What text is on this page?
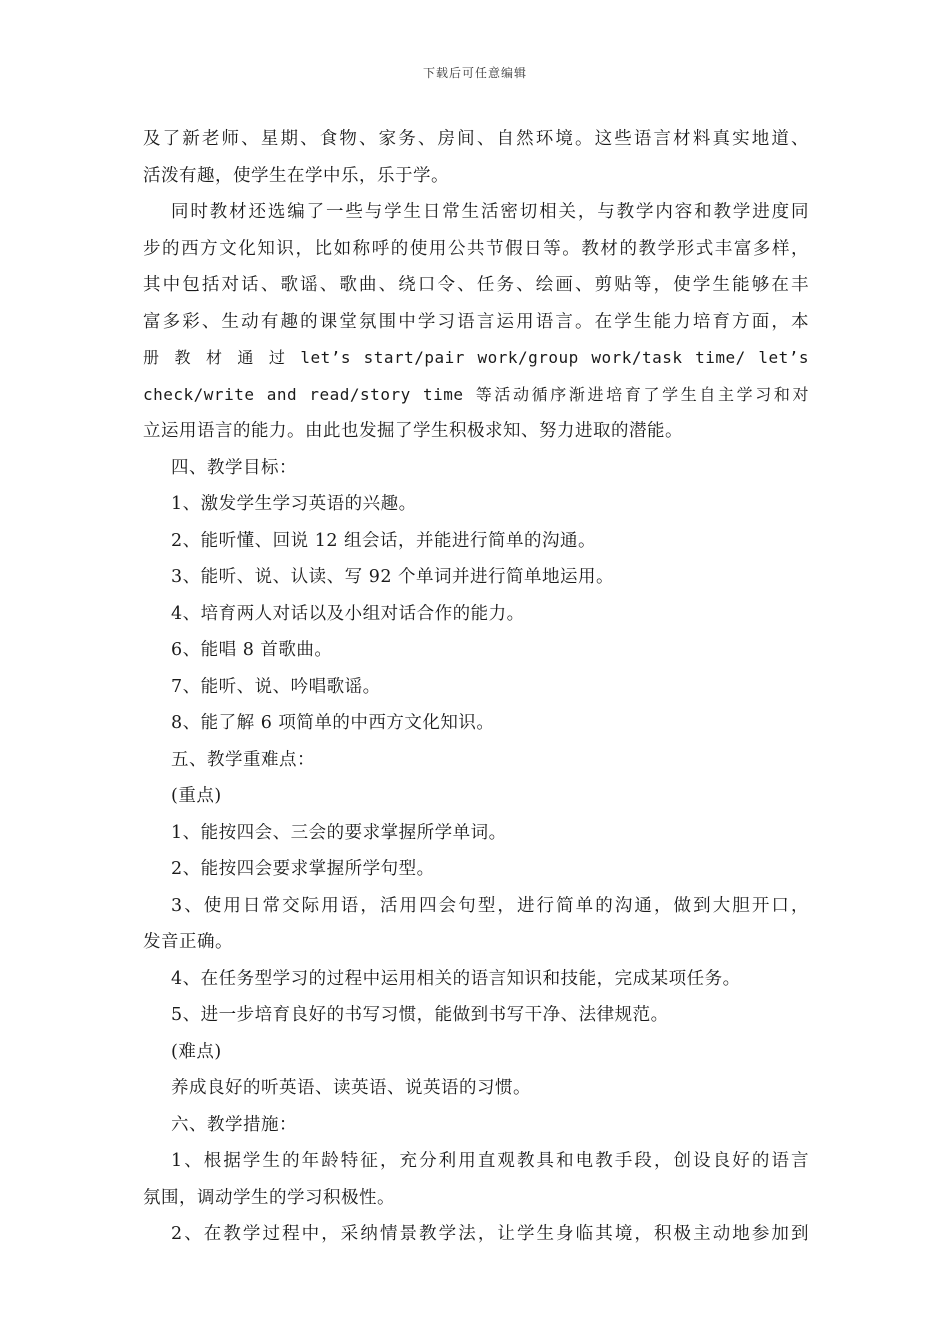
下载后可任意编辑
及了新老师、星期、食物、家务、房间、自然环境。这些语言材料真实地道、
活泼有趣，使学生在学中乐，乐于学。
同时教材还选编了一些与学生日常生活密切相关，与教学内容和教学进度同
步的西方文化知识，比如称呼的使用公共节假日等。教材的教学形式丰富多样，
其中包括对话、歌谣、歌曲、绕口令、任务、绘画、剪贴等，使学生能够在丰
富多彩、生动有趣的课堂氛围中学习语言运用语言。在学生能力培育方面，本
册 教 材 通 过 let’s start/pair work/group work/task time/ let’s
check/write and read/story time 等活动循序渐进培育了学生自主学习和对
立运用语言的能力。由此也发掘了学生积极求知、努力进取的潜能。
四、教学目标：
1、激发学生学习英语的兴趣。
2、能听懂、回说 12 组会话，并能进行简单的沟通。
3、能听、说、认读、写 92 个单词并进行简单地运用。
4、培育两人对话以及小组对话合作的能力。
6、能唱 8 首歌曲。
7、能听、说、吟唱歌谣。
8、能了解 6 项简单的中西方文化知识。
五、教学重难点：
(重点)
1、能按四会、三会的要求掌握所学单词。
2、能按四会要求掌握所学句型。
3、使用日常交际用语，活用四会句型，进行简单的沟通，做到大胆开口，
发音正确。
4、在任务型学习的过程中运用相关的语言知识和技能，完成某项任务。
5、进一步培育良好的书写习惯，能做到书写干净、法律规范。
(难点)
养成良好的听英语、读英语、说英语的习惯。
六、教学措施：
1、根据学生的年龄特征，充分利用直观教具和电教手段，创设良好的语言
氛围，调动学生的学习积极性。
2、在教学过程中，采纳情景教学法，让学生身临其境，积极主动地参加到
